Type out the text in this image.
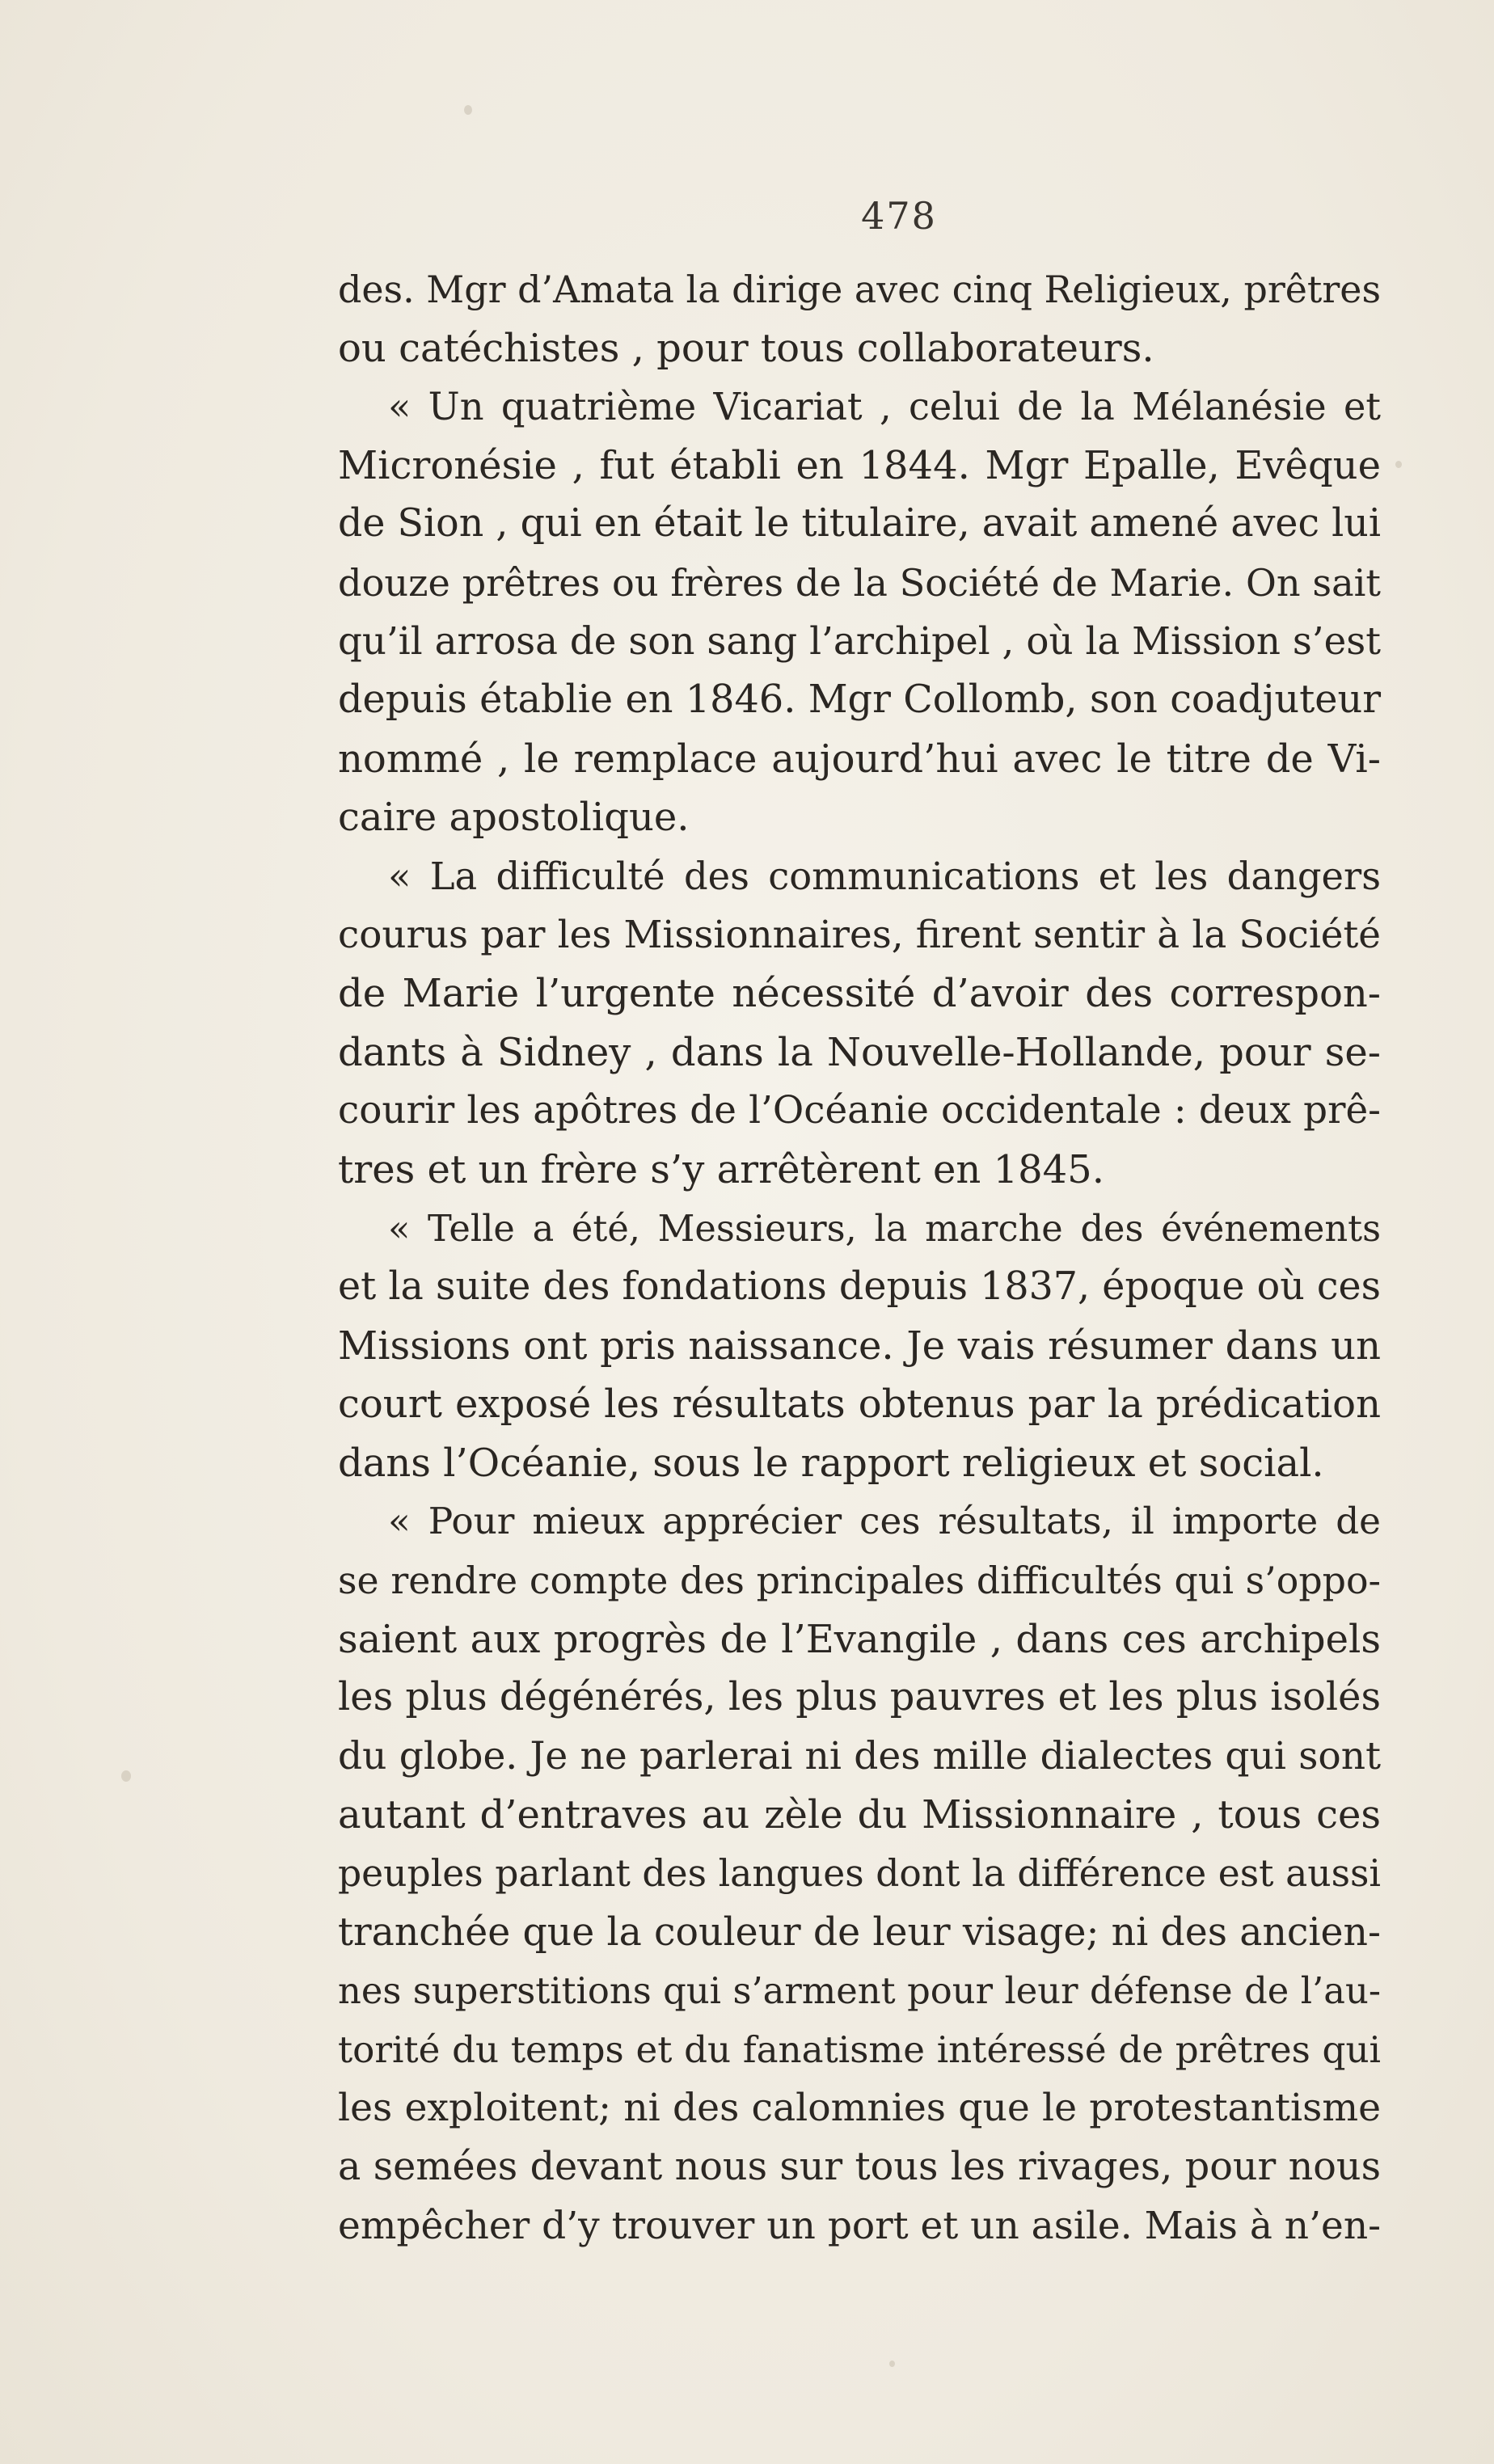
478
des. Mgr d’Amata la dirige avec cinq Religieux, prêtres
ou catéchistes , pour tous collaborateurs.
« Un quatrième Vicariat , celui de la Mélanésie et
Micronésie , fut établi en 1844. Mgr Epalle, Evêque
de Sion , qui en était le titulaire, avait amené avec lui
douze prêtres ou frères de la Société de Marie. On sait
qu’il arrosa de son sang l’archipel , où la Mission s’est
depuis établie en 1846. Mgr Collomb, son coadjuteur
nommé , le remplace aujourd’hui avec le titre de Vi-
caire apostolique.
« La difficulté des communications et les dangers
courus par les Missionnaires, firent sentir à la Société
de Marie l’urgente nécessité d’avoir des correspon-
dants à Sidney , dans la Nouvelle-Hollande, pour se-
courir les apôtres de l’Océanie occidentale : deux prê-
tres et un frère s’y arrêtèrent en 1845.
« Telle a été, Messieurs, la marche des événements
et la suite des fondations depuis 1837, époque où ces
Missions ont pris naissance. Je vais résumer dans un
court exposé les résultats obtenus par la prédication
dans l’Océanie, sous le rapport religieux et social.
« Pour mieux apprécier ces résultats, il importe de
se rendre compte des principales difficultés qui s’oppo-
saient aux progrès de l’Evangile , dans ces archipels
les plus dégénérés, les plus pauvres et les plus isolés
du globe. Je ne parlerai ni des mille dialectes qui sont
autant d’entraves au zèle du Missionnaire , tous ces
peuples parlant des langues dont la différence est aussi
tranchée que la couleur de leur visage; ni des ancien-
nes superstitions qui s’arment pour leur défense de l’au-
torité du temps et du fanatisme intéressé de prêtres qui
les exploitent; ni des calomnies que le protestantisme
a semées devant nous sur tous les rivages, pour nous
empêcher d’y trouver un port et un asile. Mais à n’en-
